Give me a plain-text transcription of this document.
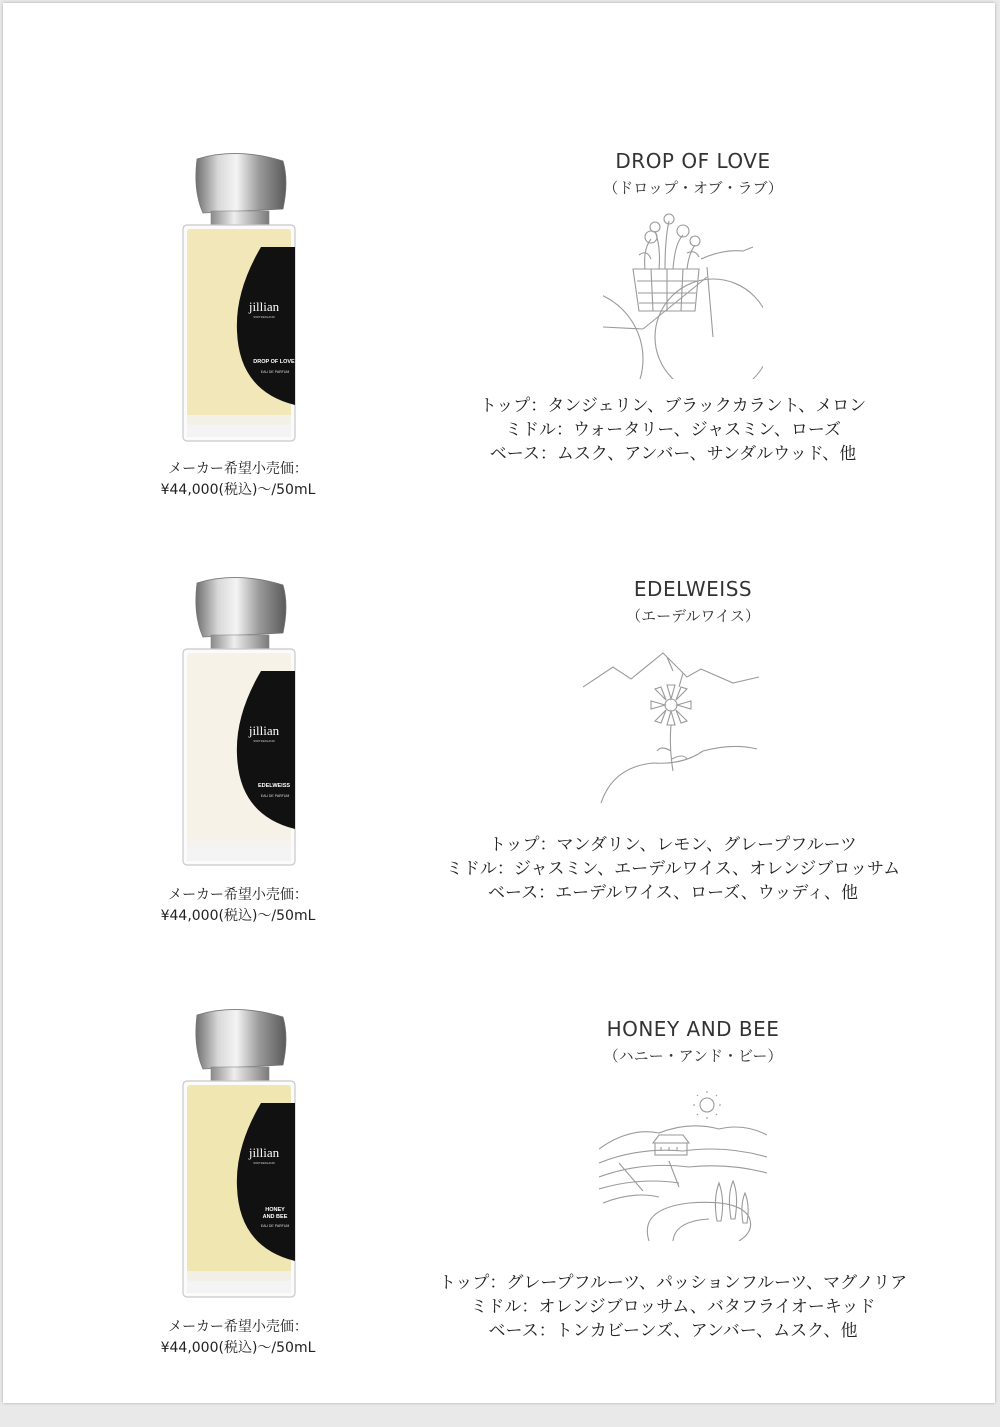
jillian
SWITZERLAND
DROP OF LOVE
EAU DE PARFUM
メーカー希望小売価：
¥44,000(税込)〜/50mL
DROP OF LOVE
（ドロップ・オブ・ラブ）
トップ：タンジェリン、ブラックカラント、メロン
ミドル：ウォータリー、ジャスミン、ローズ
ベース：ムスク、アンバー、サンダルウッド、他
jillian
SWITZERLAND
EDELWEISS
EAU DE PARFUM
メーカー希望小売価：
¥44,000(税込)〜/50mL
EDELWEISS
（エーデルワイス）
トップ：マンダリン、レモン、グレープフルーツ
ミドル：ジャスミン、エーデルワイス、オレンジブロッサム
ベース：エーデルワイス、ローズ、ウッディ、他
jillian
SWITZERLAND
HONEY AND BEE
EAU DE PARFUM
メーカー希望小売価：
¥44,000(税込)〜/50mL
HONEY AND BEE
（ハニー・アンド・ビー）
トップ：グレープフルーツ、パッションフルーツ、マグノリア
ミドル：オレンジブロッサム、バタフライオーキッド
ベース：トンカビーンズ、アンバー、ムスク、他
